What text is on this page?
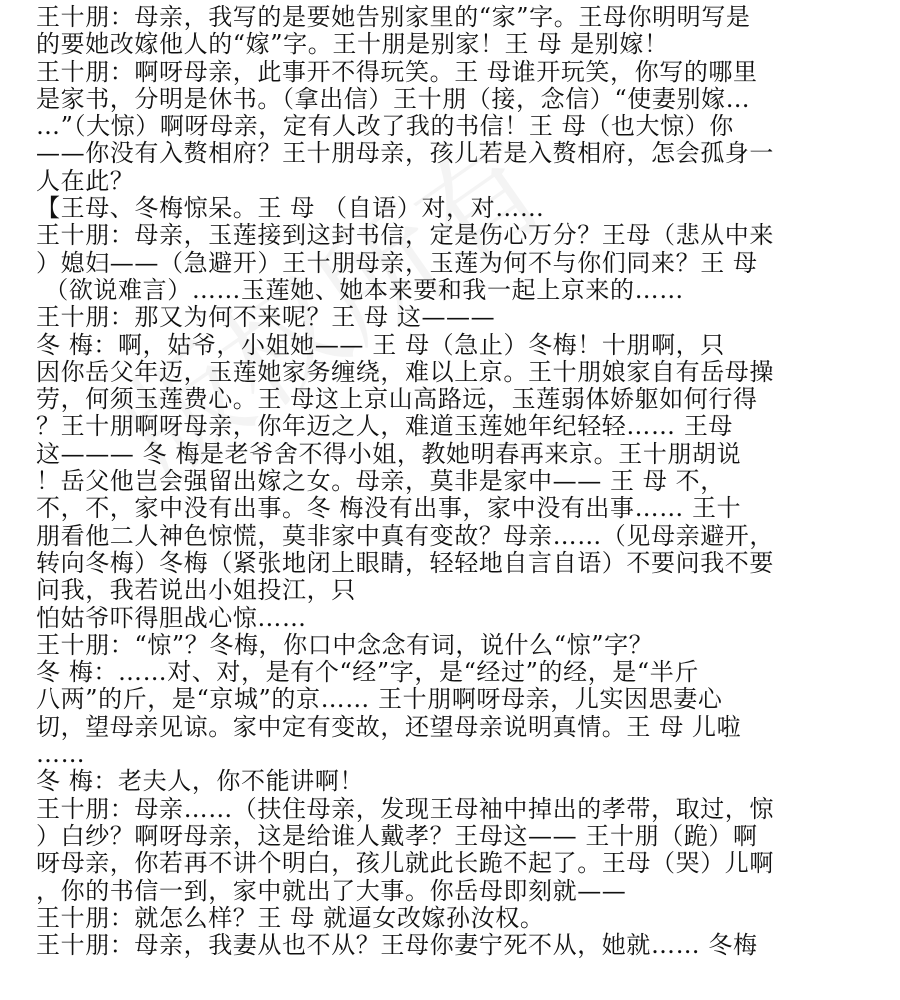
王十朋：母亲，我写的是要她告别家里的“家”字。王母你明明写是
的要她改嫁他人的“嫁”字。王十朋是别家！王 母 是别嫁！
王十朋：啊呀母亲，此事开不得玩笑。王 母谁开玩笑，你写的哪里
是家书，分明是休书。（拿出信）王十朋（接，念信）“使妻别嫁…
…”（大惊）啊呀母亲，定有人改了我的书信！王 母（也大惊）你
——你没有入赘相府？王十朋母亲，孩儿若是入赘相府，怎会孤身一
人在此？
【王母、冬梅惊呆。王 母 （自语）对，对……
王十朋：母亲，玉莲接到这封书信，定是伤心万分？王母（悲从中来
）媳妇——（急避开）王十朋母亲，玉莲为何不与你们同来？王 母
（欲说难言）……玉莲她、她本来要和我一起上京来的……
王十朋：那又为何不来呢？王 母 这———
冬 梅：啊，姑爷，小姐她—— 王 母（急止）冬梅！十朋啊，只
因你岳父年迈，玉莲她家务缠绕，难以上京。王十朋娘家自有岳母操
劳，何须玉莲费心。王 母这上京山高路远，玉莲弱体娇躯如何行得
？王十朋啊呀母亲，你年迈之人，难道玉莲她年纪轻轻…… 王母
这——— 冬 梅是老爷舍不得小姐，教她明春再来京。王十朋胡说
！岳父他岂会强留出嫁之女。母亲，莫非是家中—— 王 母 不，
不，不，家中没有出事。冬 梅没有出事，家中没有出事…… 王十
朋看他二人神色惊慌，莫非家中真有变故？母亲……（见母亲避开，
转向冬梅）冬梅（紧张地闭上眼睛，轻轻地自言自语）不要问我不要
问我，我若说出小姐投江，只
怕姑爷吓得胆战心惊……
王十朋：“惊”？冬梅，你口中念念有词，说什么“惊”字？
冬 梅：……对、对，是有个“经”字，是“经过”的经，是“半斤
八两”的斤，是“京城”的京…… 王十朋啊呀母亲，儿实因思妻心
切，望母亲见谅。家中定有变故，还望母亲说明真情。王 母 儿啦
……
冬 梅：老夫人，你不能讲啊！
王十朋：母亲……（扶住母亲，发现王母袖中掉出的孝带，取过，惊
）白纱？啊呀母亲，这是给谁人戴孝？王母这—— 王十朋（跪）啊
呀母亲，你若再不讲个明白，孩儿就此长跪不起了。王母（哭）儿啊
，你的书信一到，家中就出了大事。你岳母即刻就——
王十朋：就怎么样？王 母 就逼女改嫁孙汝权。
王十朋：母亲，我妻从也不从？王母你妻宁死不从，她就…… 冬梅
